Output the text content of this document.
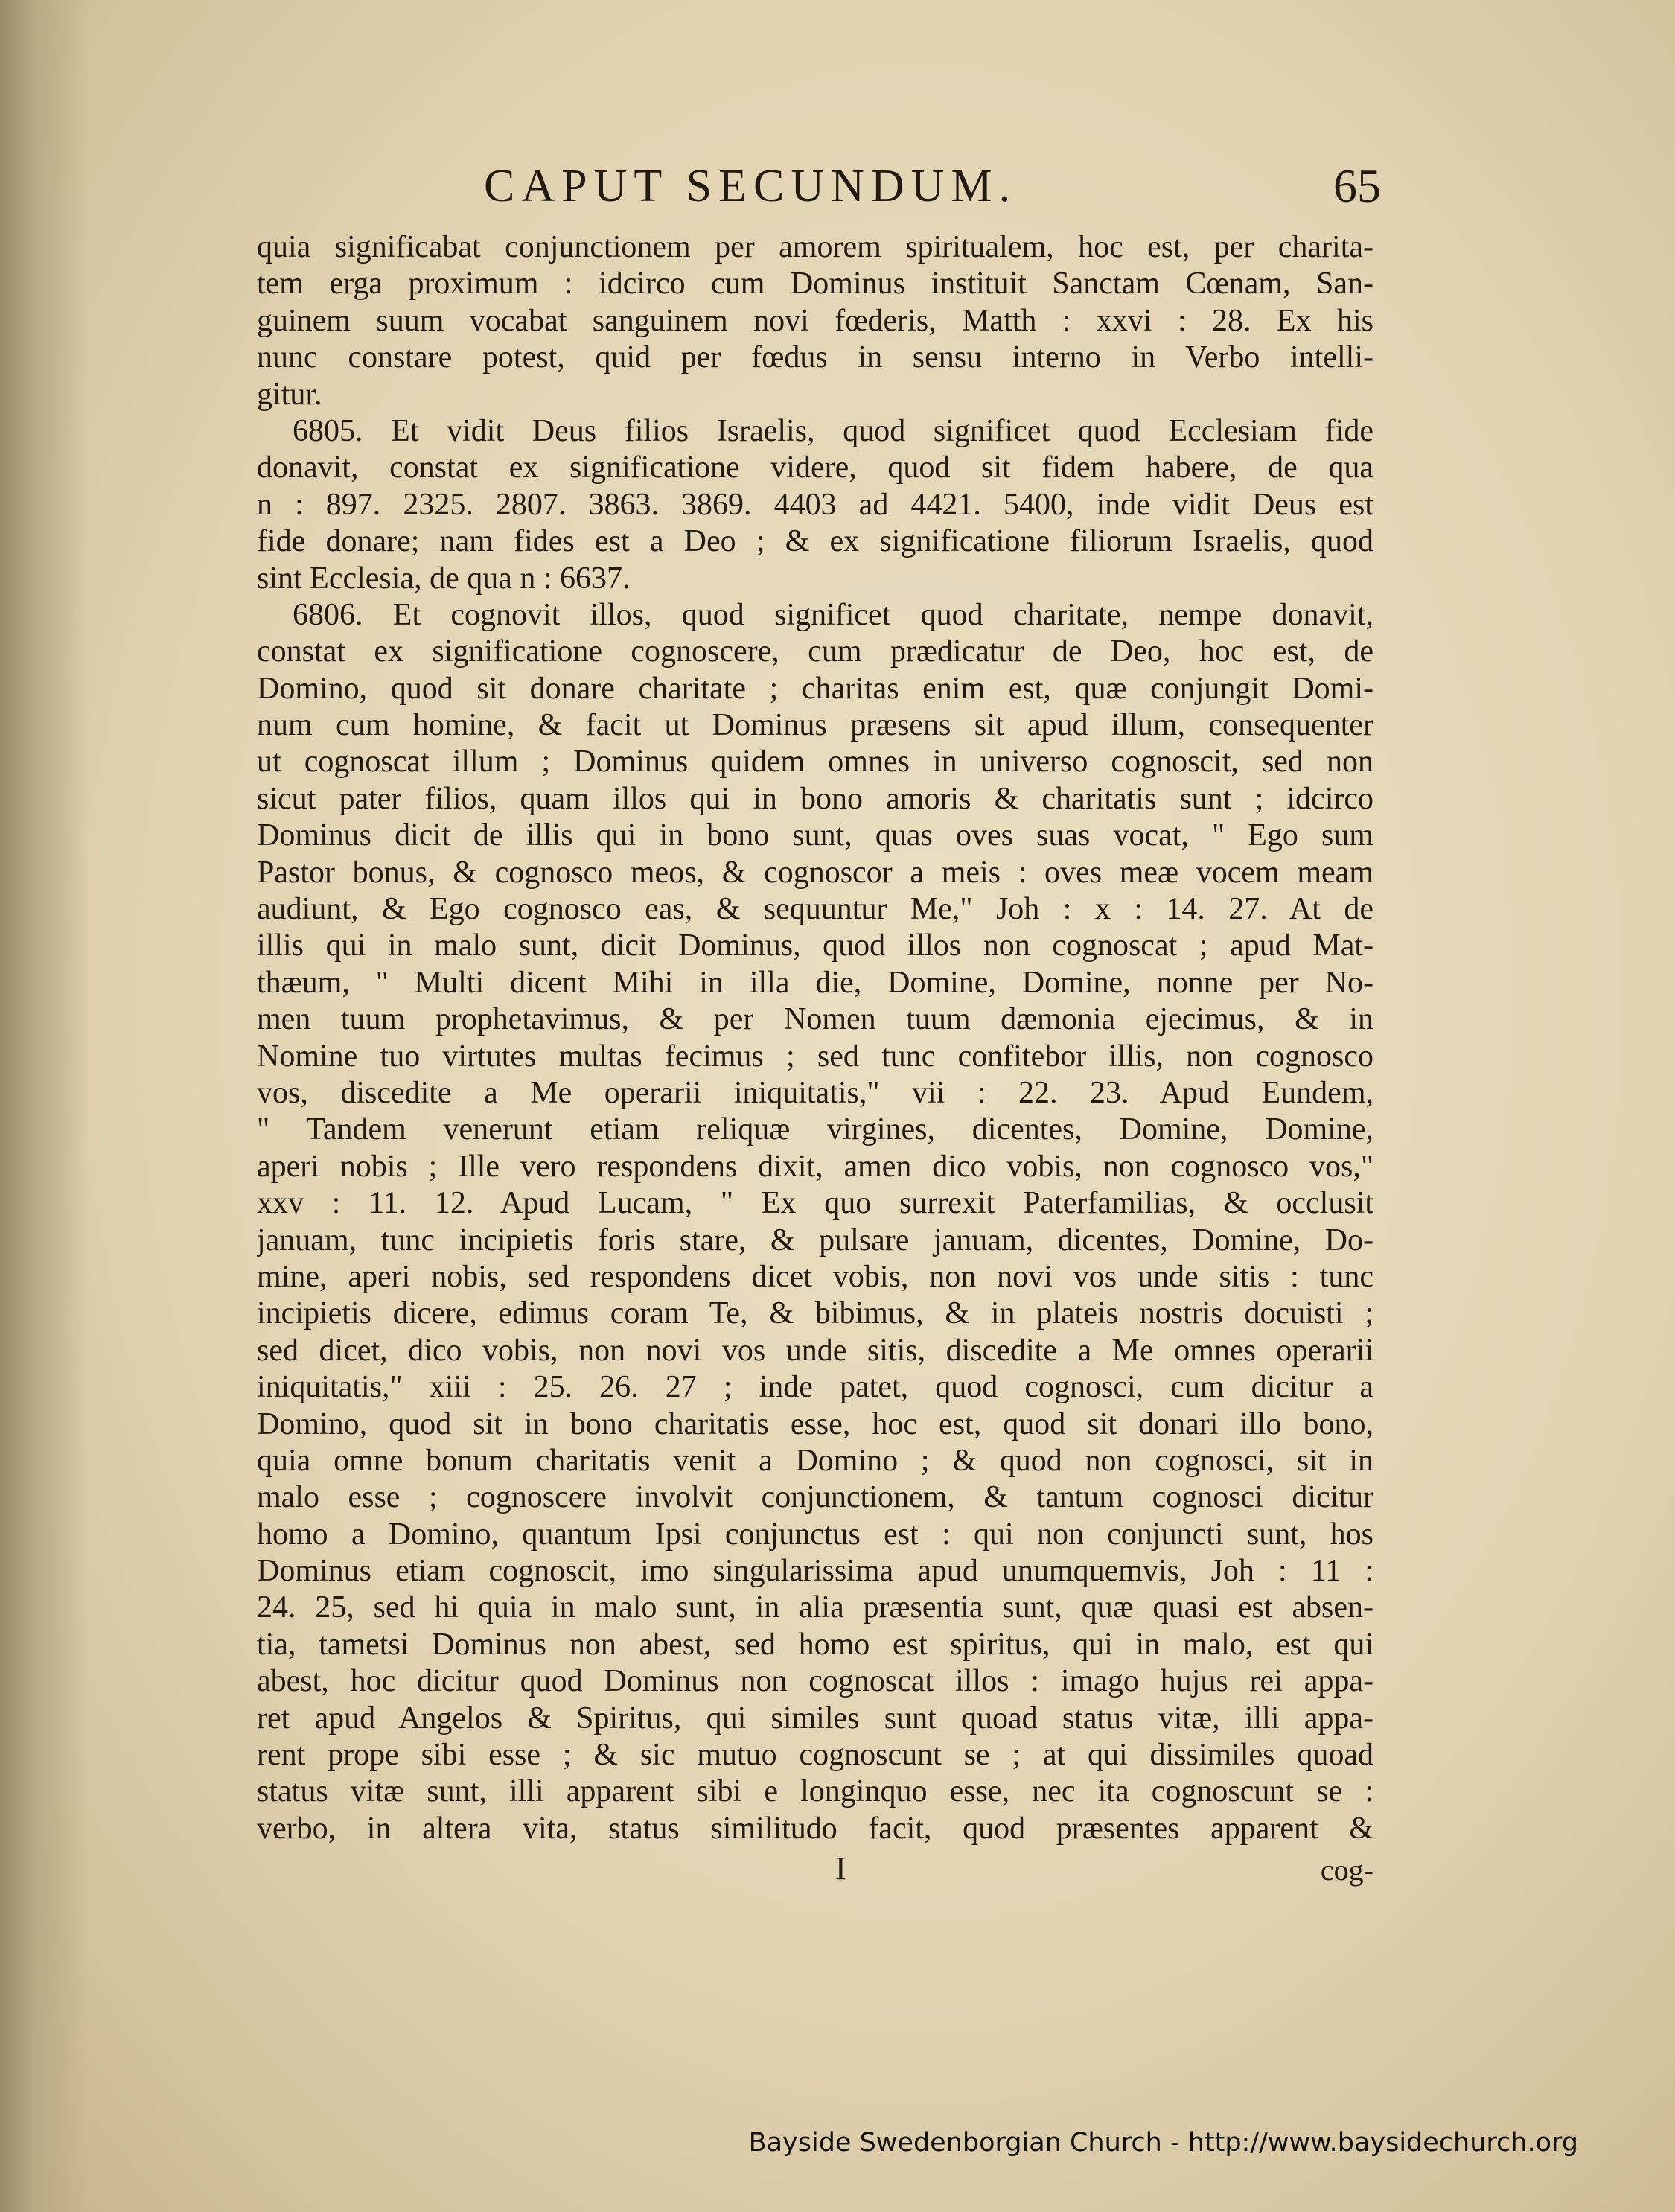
CAPUT SECUNDUM.	65
quia significabat conjunctionem per amorem spiritualem, hoc est, per charita-
tem erga proximum : idcirco cum Dominus instituit Sanctam Cœnam, San-
guinem suum vocabat sanguinem novi fœderis, Matth : xxvi : 28. Ex his
nunc constare potest, quid per fœdus in sensu interno in Verbo intelli-
gitur.
6805. Et vidit Deus filios Israelis, quod significet quod Ecclesiam fide
donavit, constat ex significatione videre, quod sit fidem habere, de qua
n : 897. 2325. 2807. 3863. 3869. 4403 ad 4421. 5400, inde vidit Deus est
fide donare; nam fides est a Deo ; & ex significatione filiorum Israelis, quod
sint Ecclesia, de qua n : 6637.
6806. Et cognovit illos, quod significet quod charitate, nempe donavit,
constat ex significatione cognoscere, cum prædicatur de Deo, hoc est, de
Domino, quod sit donare charitate ; charitas enim est, quæ conjungit Domi-
num cum homine, & facit ut Dominus præsens sit apud illum, consequenter
ut cognoscat illum ; Dominus quidem omnes in universo cognoscit, sed non
sicut pater filios, quam illos qui in bono amoris & charitatis sunt ; idcirco
Dominus dicit de illis qui in bono sunt, quas oves suas vocat, " Ego sum
Pastor bonus, & cognosco meos, & cognoscor a meis : oves meæ vocem meam
audiunt, & Ego cognosco eas, & sequuntur Me," Joh : x : 14. 27. At de
illis qui in malo sunt, dicit Dominus, quod illos non cognoscat ; apud Mat-
thæum, " Multi dicent Mihi in illa die, Domine, Domine, nonne per No-
men tuum prophetavimus, & per Nomen tuum dæmonia ejecimus, & in
Nomine tuo virtutes multas fecimus ; sed tunc confitebor illis, non cognosco
vos, discedite a Me operarii iniquitatis," vii : 22. 23. Apud Eundem,
" Tandem venerunt etiam reliquæ virgines, dicentes, Domine, Domine,
aperi nobis ; Ille vero respondens dixit, amen dico vobis, non cognosco vos,"
xxv : 11. 12. Apud Lucam, " Ex quo surrexit Paterfamilias, & occlusit
januam, tunc incipietis foris stare, & pulsare januam, dicentes, Domine, Do-
mine, aperi nobis, sed respondens dicet vobis, non novi vos unde sitis : tunc
incipietis dicere, edimus coram Te, & bibimus, & in plateis nostris docuisti ;
sed dicet, dico vobis, non novi vos unde sitis, discedite a Me omnes operarii
iniquitatis," xiii : 25. 26. 27 ; inde patet, quod cognosci, cum dicitur a
Domino, quod sit in bono charitatis esse, hoc est, quod sit donari illo bono,
quia omne bonum charitatis venit a Domino ; & quod non cognosci, sit in
malo esse ; cognoscere involvit conjunctionem, & tantum cognosci dicitur
homo a Domino, quantum Ipsi conjunctus est : qui non conjuncti sunt, hos
Dominus etiam cognoscit, imo singularissima apud unumquemvis, Joh : 11 :
24. 25, sed hi quia in malo sunt, in alia præsentia sunt, quæ quasi est absen-
tia, tametsi Dominus non abest, sed homo est spiritus, qui in malo, est qui
abest, hoc dicitur quod Dominus non cognoscat illos : imago hujus rei appa-
ret apud Angelos & Spiritus, qui similes sunt quoad status vitæ, illi appa-
rent prope sibi esse ; & sic mutuo cognoscunt se ; at qui dissimiles quoad
status vitæ sunt, illi apparent sibi e longinquo esse, nec ita cognoscunt se :
verbo, in altera vita, status similitudo facit, quod præsentes apparent &
I	cog-
Bayside Swedenborgian Church - http://www.baysidechurch.org
